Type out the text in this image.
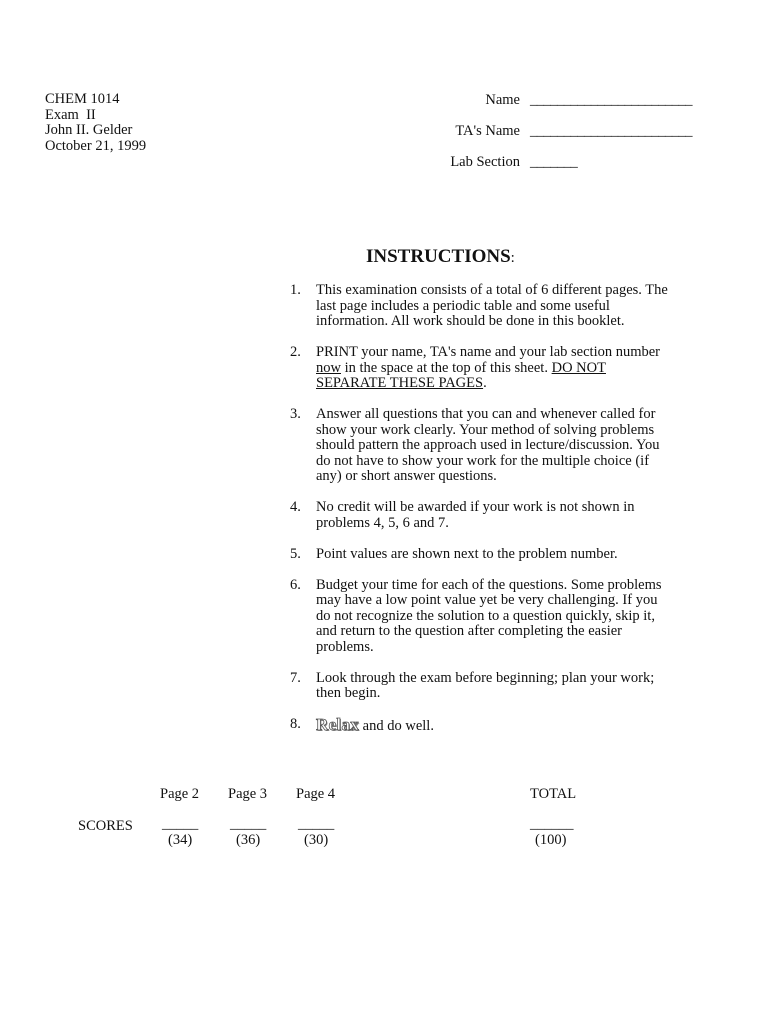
CHEM 1014
Exam  II
John II. Gelder
October 21, 1999
Name ________________________
TA's Name ________________________
Lab Section _______
INSTRUCTIONS:
1.	This examination consists of a total of 6 different pages. The last page includes a periodic table and some useful information. All work should be done in this booklet.
2.	PRINT your name, TA's name and your lab section number now in the space at the top of this sheet. DO NOT SEPARATE THESE PAGES.
3.	Answer all questions that you can and whenever called for show your work clearly. Your method of solving problems should pattern the approach used in lecture/discussion. You do not have to show your work for the multiple choice (if any) or short answer questions.
4.	No credit will be awarded if your work is not shown in problems 4, 5, 6 and 7.
5.	Point values are shown next to the problem number.
6.	Budget your time for each of the questions. Some problems may have a low point value yet be very challenging. If you do not recognize the solution to a question quickly, skip it, and return to the question after completing the easier problems.
7.	Look through the exam before beginning; plan your work; then begin.
8. Relax and do well.
Page 2 Page 3 Page 4	TOTAL
SCORES _____ _____ _____	______
(34)	(36)	(30)	(100)
